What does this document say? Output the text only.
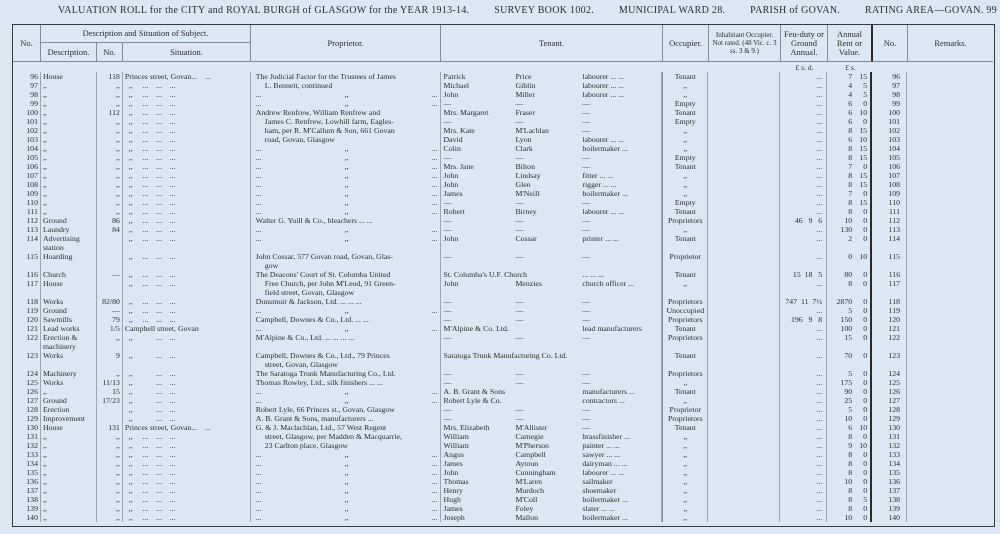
VALUATION ROLL for the CITY and ROYAL BURGH of GLASGOW for the YEAR 1913-14. SURVEY BOOK 1002. MUNICIPAL WARD 28. PARISH of GOVAN. RATING AREA—GOVAN. 99
No.
Description and Situation of Subject.
Description.	No.	Situation.
Proprietor.	Tenant.	Occupier.
Inhabitant Occupier. Not rated. (48 Vic. c. 3 ss. 3 & 9.)
Feu-duty or Ground Annual.
Annual Rent or Value.
No.	Remarks.
£ s. d.	£ s.
96 House	118 Princes street, Govan...    ...	The Judicial Factor for the Trustees of James	Patrick	Price	labourer ... ...	Tenant	...	7 15	96
97 ,,	,, ,,     ...    ...    ...	L. Bennett, continued	Michael	Giblin	labourer ... ...	,,	...	4	5	97
98 ,,	,, ,,     ...    ...    ...	... ,, ... John	Miller	labourer ... ...	,,	...	4	5	98
99 ,,	,, ,,     ...    ...    ...	... ,, ... —	—	—	Empty	...	6	0	99
100 ,,	112 ,,     ...    ...    ...	Andrew Renfrew, William Renfrew and	Mrs. Margaret	Fraser	—	Tenant	...	6 10	100
101 ,,	,, ,,     ...    ...    ...	James C. Renfrew, Lowhill farm, Eagles-	—	—	—	Empty	...	6	0	101
102 ,,	,, ,,     ...    ...    ...	ham, per R. M'Callum & Son, 661 Govan	Mrs. Kate	M'Lachlan	—	,,	...	8 15	102
103 ,,	,, ,,     ...    ...    ...	road, Govan, Glasgow	David	Lyon	labourer ... ...	,,	...	6 10	103
104 ,,	,, ,,     ...    ...    ...	... ,, ... Colin	Clark	boilermaker ...	,,	...	8 15	104
105 ,,	,, ,,     ...    ...    ...	... ,, ... —	—	—	Empty	...	8 15	105
106 ,,	,, ,,     ...    ...    ...	... ,, ... Mrs. Jane	Bilton	—	Tenant	...	7	0	106
107 ,,	,, ,,     ...    ...    ...	... ,, ... John	Lindsay	fitter ... ...	,,	...	8 15	107
108 ,,	,, ,,     ...    ...    ...	... ,, ... John	Glen	rigger ... ...	,,	...	8 15	108
109 ,,	,, ,,     ...    ...    ...	... ,, ... James	M'Neill	boilermaker ...	,,	...	7	0	109
110 ,,	,, ,,     ...    ...    ...	... ,, ... —	—	—	Empty	...	8 15	110
111 ,,	,, ,,     ...    ...    ...	... ,, ... Robert	Birney	labourer ... ...	Tenant	...	8	0	111
112 Ground	86 ,,     ...    ...    ...	Walter G. Yuill & Co., bleachers ... ...	—	—	—	Proprietors	46   9   6	10	0	112
113 Laundry	84 ,,     ...    ...    ...	... ,, ... —	—	—	,,	...	130	0	113
114 Advertising	,,     ...    ...    ...	... ,, ... John	Cossar	printer ... ...	Tenant	...	2	0	114
station
115 Hoarding	,,     ...    ...    ...	John Cossar, 577 Govan road, Govan, Glas-	—	—	—	Proprietor	...	0 10	115
gow
116 Church	— ,,     ...    ...    ...	The Deacons' Court of St. Columba United	St. Columba's U.F. Church	... ... ...	Tenant	15  18   5	80	0	116
117 House	,,     ...    ...    ...	Free Church, per John M'Leod, 91 Green-	John	Menzies	church officer ...	,,	...	8	0	117
field street, Govan, Glasgow
118 Works	82/80 ,,     ...    ...    ...	Dunsmuir & Jackson, Ltd. ... ... ...	—	—	—	Proprietors	747  11  7½	2870	0	118
119 Ground	— ,,     ...    ...    ...	... ,, ... —	—	—	Unoccupied	...	5	0	119
120 Sawmills	79 ,,     ...    ...    ...	Campbell, Downes & Co., Ltd. ... ...	—	—	—	Proprietors	196   9   8	150	0	120
121 Lead works	1/5 Campbell street, Govan	... ,, ... M'Alpine & Co. Ltd.	lead manufacturers	Tenant	...	100	0	121
122 Erection &	,, ,,            ...    ...	M'Alpine & Co., Ltd. ... ... ... ...	—	—	—	Proprietors	...	15	0	122
machinery
123 Works	9 ,,            ...    ...	Campbell, Downes & Co., Ltd., 79 Princes	Saratoga Trunk Manufacturing Co. Ltd.	Tenant	...	70	0	123
street, Govan, Glasgow
124 Machinery	,, ,,            ...    ...	The Saratoga Trunk Manufacturing Co., Ltd.	—	—	—	Proprietors	...	5	0	124
125 Works	11/13 ,,            ...    ...	Thomas Rowley, Ltd., silk finishers ... ...	—	—	—	,,	...	175	0	125
126 ,,	15 ,,            ...    ...	... ,, ... A. B. Grant & Sons	manufacturers ...	Tenant	...	90	0	126
127 Ground	17/23 ,,            ...    ...	... ,, ... Robert Lyle & Co.	contractors ...	,,	...	25	0	127
128 Erection	,,            ...    ...	Robert Lyle, 66 Princes st., Govan, Glasgow	—	—	—	Proprietor	...	5	0	128
129 Improvement	,,            ...    ...	A. B. Grant & Sons, manufacturers ...	—	—	—	Proprietors	...	10	0	129
130 House	131 Princes street, Govan...    ...	G. & J. Maclachlan, Ltd., 57 West Regent	Mrs. Elizabeth	M'Allister	—	Tenant	...	6 10	130
131 ,,	,, ,,     ...    ...    ...	street, Glasgow, per Madden & Macquarrie,	William	Carnegie	brassfinisher ...	,,	...	8	0	131
132 ,,	,, ,,     ...    ...    ...	23 Carlton place, Glasgow	William	M'Pherson	painter ... ...	,,	...	9 10	132
133 ,,	,, ,,     ...    ...    ...	... ,, ... Angus	Campbell	sawyer ... ...	,,	...	8	0	133
134 ,,	,, ,,     ...    ...    ...	... ,, ... James	Aytoun	dairyman ... ...	,,	...	8	0	134
135 ,,	,, ,,     ...    ...    ...	... ,, ... John	Cunningham	labourer ... ...	,,	...	8	0	135
136 ,,	,, ,,     ...    ...    ...	... ,, ... Thomas	M'Laren	sailmaker	,,	...	10	0	136
137 ,,	,, ,,     ...    ...    ...	... ,, ... Henry	Murdoch	shoemaker	,,	...	8	0	137
138 ,,	,, ,,     ...    ...    ...	... ,, ... Hugh	M'Coll	boilermaker ...	,,	...	8	5	138
139 ,,	,, ,,     ...    ...    ...	... ,, ... James	Foley	slater ... ...	,,	...	8	0	139
140 ,,	,, ,,     ...    ...    ...	... ,, ... Joseph	Mallon	boilermaker ...	,,	...	10	0	140
